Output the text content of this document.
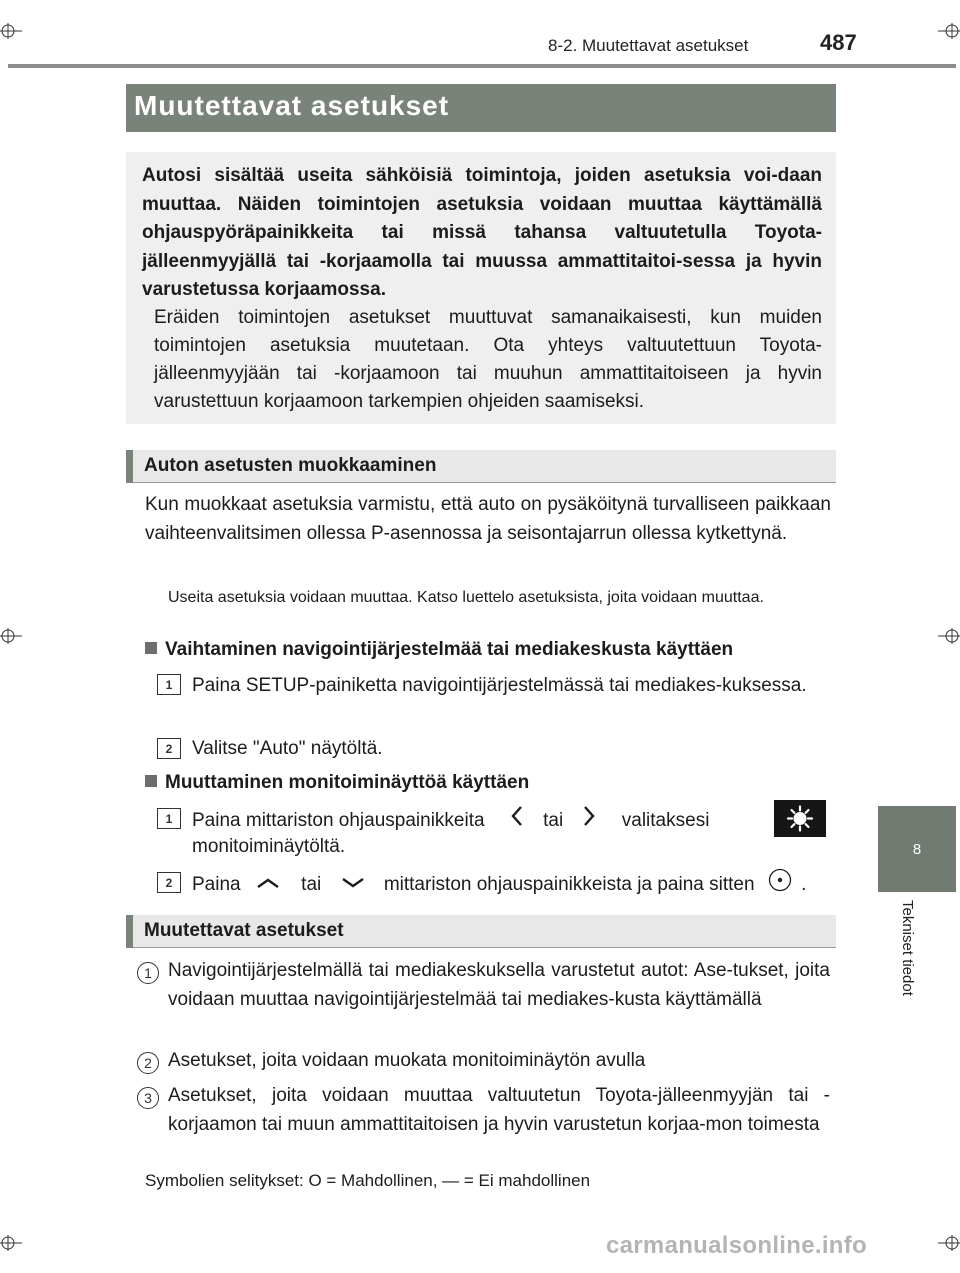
8-2. Muutettavat asetukset	487
8
Tekniset tiedot
Muutettavat asetukset
Autosi sisältää useita sähköisiä toimintoja, joiden asetuksia voi-daan muuttaa. Näiden toimintojen asetuksia voidaan muuttaa käyttämällä ohjauspyöräpainikkeita tai missä tahansa valtuutetulla Toyota-jälleenmyyjällä tai -korjaamolla tai muussa ammattitaitoi-sessa ja hyvin varustetussa korjaamossa.
Eräiden toimintojen asetukset muuttuvat samanaikaisesti, kun muiden toimintojen asetuksia muutetaan. Ota yhteys valtuutettuun Toyota-jälleenmyyjään tai -korjaamoon tai muuhun ammattitaitoiseen ja hyvin varustettuun korjaamoon tarkempien ohjeiden saamiseksi.
Auton asetusten muokkaaminen
Kun muokkaat asetuksia varmistu, että auto on pysäköitynä turvalliseen paikkaan vaihteenvalitsimen ollessa P-asennossa ja seisontajarrun ollessa kytkettynä.
Useita asetuksia voidaan muuttaa. Katso luettelo asetuksista, joita voidaan muuttaa.
Vaihtaminen navigointijärjestelmää tai mediakeskusta käyttäen
1	Paina SETUP-painiketta navigointijärjestelmässä tai mediakes-kuksessa.
2	Valitse "Auto" näytöltä.
Muuttaminen monitoiminäyttöä käyttäen
1	Paina mittariston ohjauspainikkeita	tai	valitaksesi
monitoiminäytöltä.
2	Paina	tai	mittariston ohjauspainikkeista ja paina sitten .
Muutettavat asetukset
1 Navigointijärjestelmällä tai mediakeskuksella varustetut autot: Ase-tukset, joita voidaan muuttaa navigointijärjestelmää tai mediakes-kusta käyttämällä
2 Asetukset, joita voidaan muokata monitoiminäytön avulla
3 Asetukset, joita voidaan muuttaa valtuutetun Toyota-jälleenmyyjän tai -korjaamon tai muun ammattitaitoisen ja hyvin varustetun korjaa-mon toimesta
Symbolien selitykset: O = Mahdollinen, — = Ei mahdollinen
carmanualsonline.info
